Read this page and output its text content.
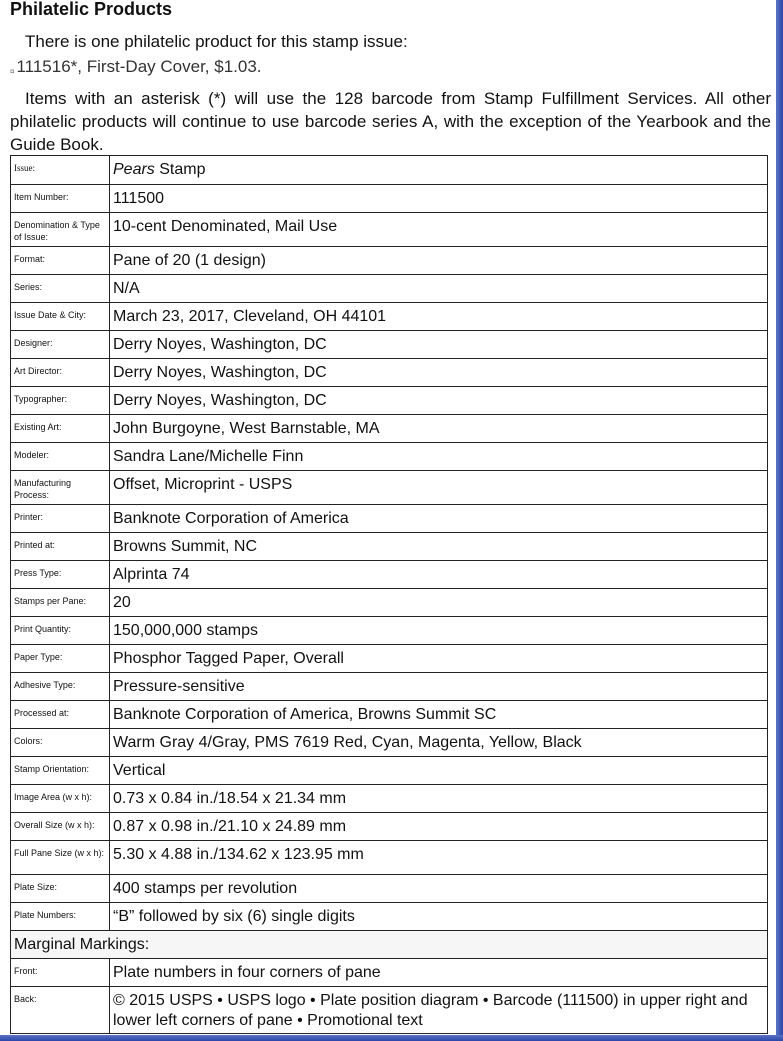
Philatelic Products

There is one philatelic product for this stamp issue:

¤ 111516*, First-Day Cover, $1.03.

Items with an asterisk (*) will use the 128 barcode from Stamp Fulfillment Services. All other philatelic products will continue to use barcode series A, with the exception of the Yearbook and the Guide Book.

Issue:	Pears Stamp
Item Number:	111500
Denomination & Type of Issue:	10-cent Denominated, Mail Use
Format:	Pane of 20 (1 design)
Series:	N/A
Issue Date & City:	March 23, 2017, Cleveland, OH 44101
Designer:	Derry Noyes, Washington, DC
Art Director:	Derry Noyes, Washington, DC
Typographer:	Derry Noyes, Washington, DC
Existing Art:	John Burgoyne, West Barnstable, MA
Modeler:	Sandra Lane/Michelle Finn
Manufacturing Process:	Offset, Microprint - USPS
Printer:	Banknote Corporation of America
Printed at:	Browns Summit, NC
Press Type:	Alprinta 74
Stamps per Pane:	20
Print Quantity:	150,000,000 stamps
Paper Type:	Phosphor Tagged Paper, Overall
Adhesive Type:	Pressure-sensitive
Processed at:	Banknote Corporation of America, Browns Summit SC
Colors:	Warm Gray 4/Gray, PMS 7619 Red, Cyan, Magenta, Yellow, Black
Stamp Orientation:	Vertical
Image Area (w x h):	0.73 x 0.84 in./18.54 x 21.34 mm
Overall Size (w x h):	0.87 x 0.98 in./21.10 x 24.89 mm
Full Pane Size (w x h):	5.30 x 4.88 in./134.62 x 123.95 mm
Plate Size:	400 stamps per revolution
Plate Numbers:	“B” followed by six (6) single digits
Marginal Markings:	
Front:	Plate numbers in four corners of pane
Back:	© 2015 USPS • USPS logo • Plate position diagram • Barcode (111500) in upper right and lower left corners of pane • Promotional text
